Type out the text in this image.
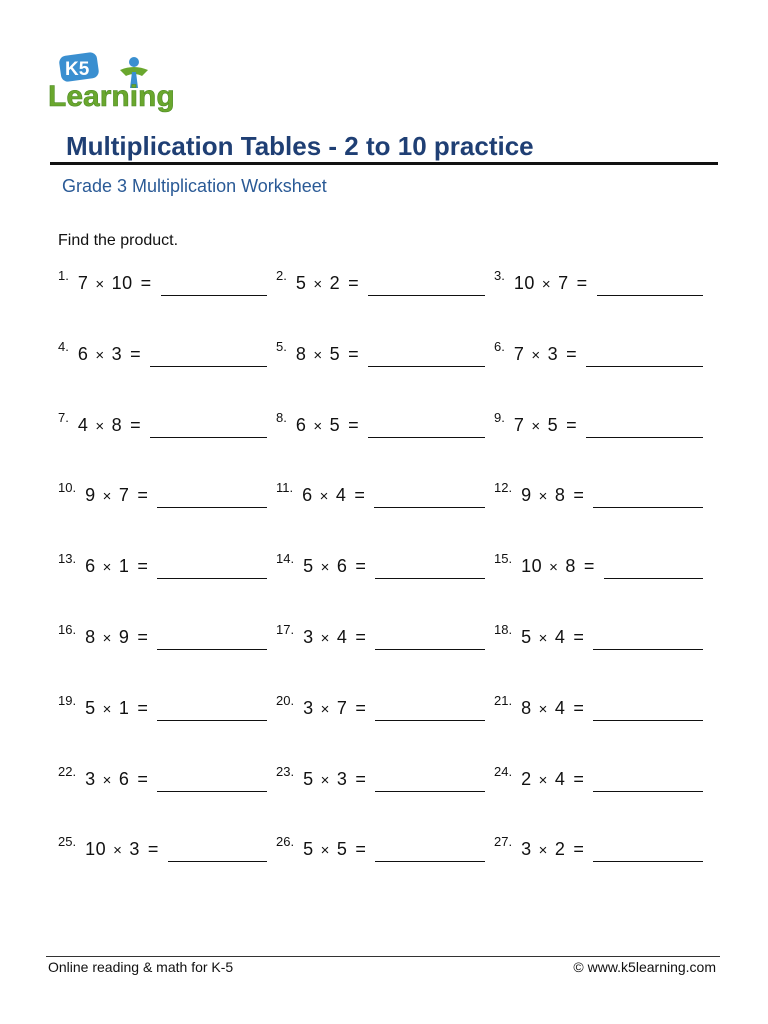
K5
Learning
Multiplication Tables - 2 to 10 practice
Grade 3 Multiplication Worksheet
Find the product.
1. 7 × 10 =	2. 5 × 2 =	3. 10 × 7 =
4. 6 × 3 =	5. 8 × 5 =	6. 7 × 3 =
7. 4 × 8 =	8. 6 × 5 =	9. 7 × 5 =
10. 9 × 7 =	11. 6 × 4 =	12. 9 × 8 =
13. 6 × 1 =	14. 5 × 6 =	15. 10 × 8 =
16. 8 × 9 =	17. 3 × 4 =	18. 5 × 4 =
19. 5 × 1 =	20. 3 × 7 =	21. 8 × 4 =
22. 3 × 6 =	23. 5 × 3 =	24. 2 × 4 =
25. 10 × 3 =	26. 5 × 5 =	27. 3 × 2 =
Online reading & math for K-5	© www.k5learning.com
